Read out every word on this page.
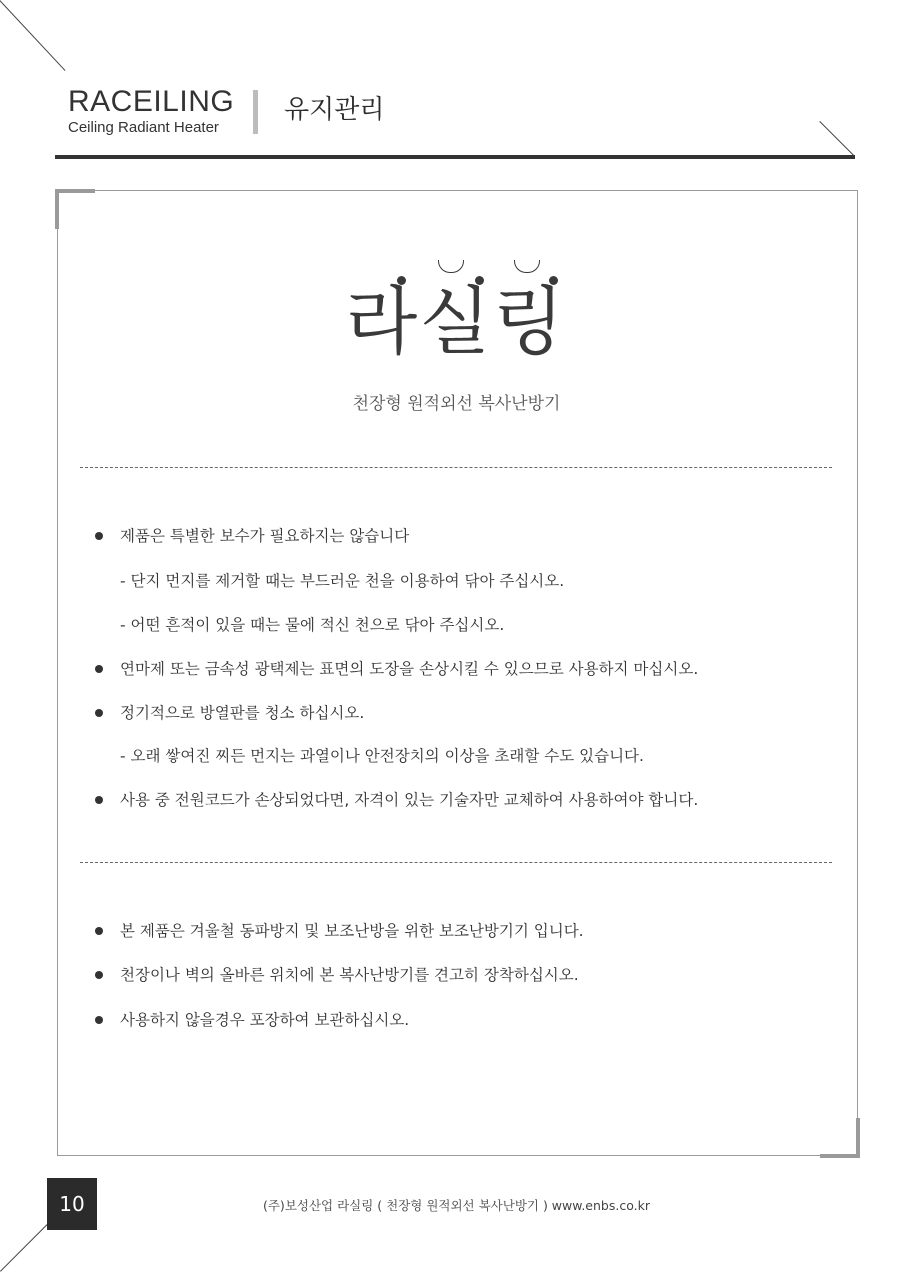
RACEILING
Ceiling Radiant Heater
유지관리
라실링
천장형 원적외선 복사난방기
제품은 특별한 보수가 필요하지는 않습니다
- 단지 먼지를 제거할 때는 부드러운 천을 이용하여 닦아 주십시오.
- 어떤 흔적이 있을 때는 물에 적신 천으로 닦아 주십시오.
연마제 또는 금속성 광택제는 표면의 도장을 손상시킬 수 있으므로 사용하지 마십시오.
정기적으로 방열판를 청소 하십시오.
- 오래 쌓여진 찌든 먼지는 과열이나 안전장치의 이상을 초래할 수도 있습니다.
사용 중 전원코드가 손상되었다면, 자격이 있는 기술자만 교체하여 사용하여야 합니다.
본 제품은 겨울철 동파방지 및 보조난방을 위한 보조난방기기 입니다.
천장이나 벽의 올바른 위치에 본 복사난방기를 견고히 장착하십시오.
사용하지 않을경우 포장하여 보관하십시오.
10	(주)보성산업 라실링 ( 천장형 원적외선 복사난방기 ) www.enbs.co.kr
